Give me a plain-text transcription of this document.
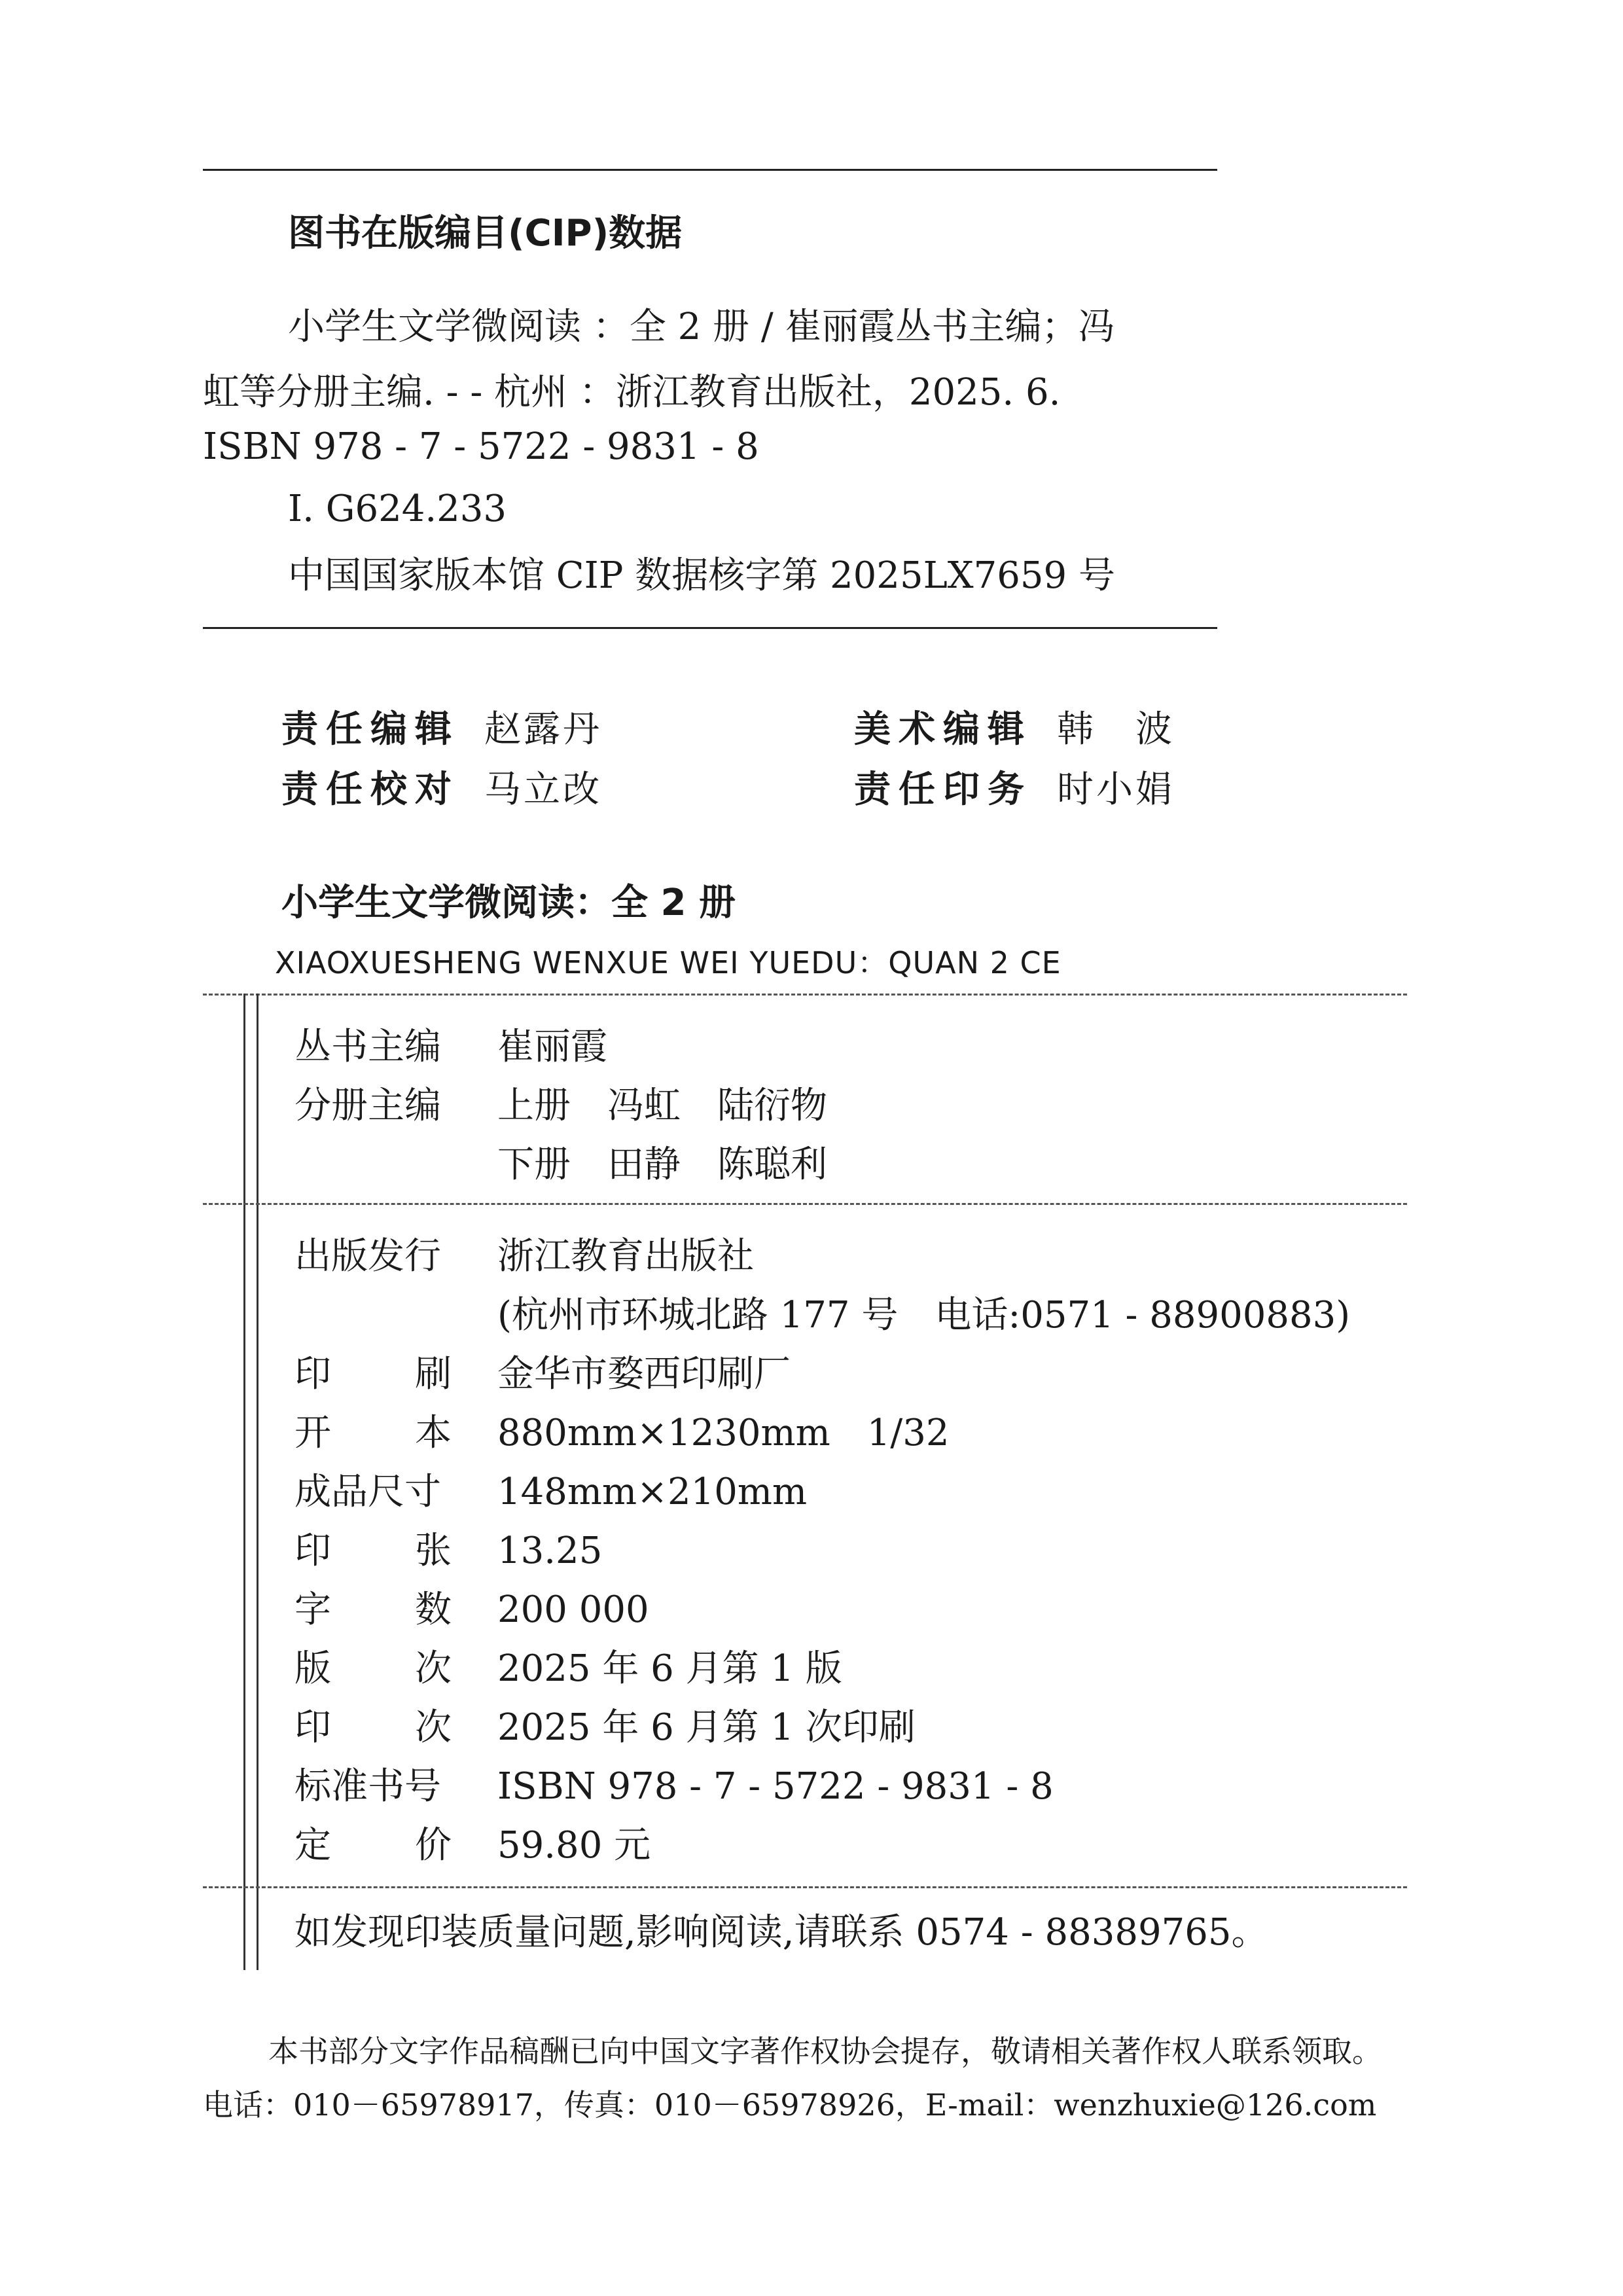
图书在版编目(CIP)数据
小学生文学微阅读 ：全 2 册 / 崔丽霞丛书主编；冯
虹等分册主编. - - 杭州 ：浙江教育出版社，2025. 6.
ISBN 978 - 7 - 5722 - 9831 - 8
Ⅰ. G624.233
中国国家版本馆 CIP 数据核字第 2025LX7659 号
责任编辑 赵露丹	美术编辑 韩　波
责任校对 马立改	责任印务 时小娟
小学生文学微阅读：全 2 册
XIAOXUESHENG WENXUE WEI YUEDU：QUAN 2 CE
丛书主编 崔丽霞
分册主编 上册　冯虹　陆衍物
下册　田静　陈聪利
出版发行 浙江教育出版社
(杭州市环城北路 177 号　电话:0571 - 88900883)
印 刷 金华市婺西印刷厂
开 本 880mm×1230mm　1/32
成品尺寸 148mm×210mm
印 张 13.25
字 数 200 000
版 次 2025 年 6 月第 1 版
印 次 2025 年 6 月第 1 次印刷
标准书号 ISBN 978 - 7 - 5722 - 9831 - 8
定 价 59.80 元
如发现印装质量问题,影响阅读,请联系 0574 - 88389765。
本书部分文字作品稿酬已向中国文字著作权协会提存，敬请相关著作权人联系领取。
电话：010－65978917，传真：010－65978926，E-mail：wenzhuxie@126.com
